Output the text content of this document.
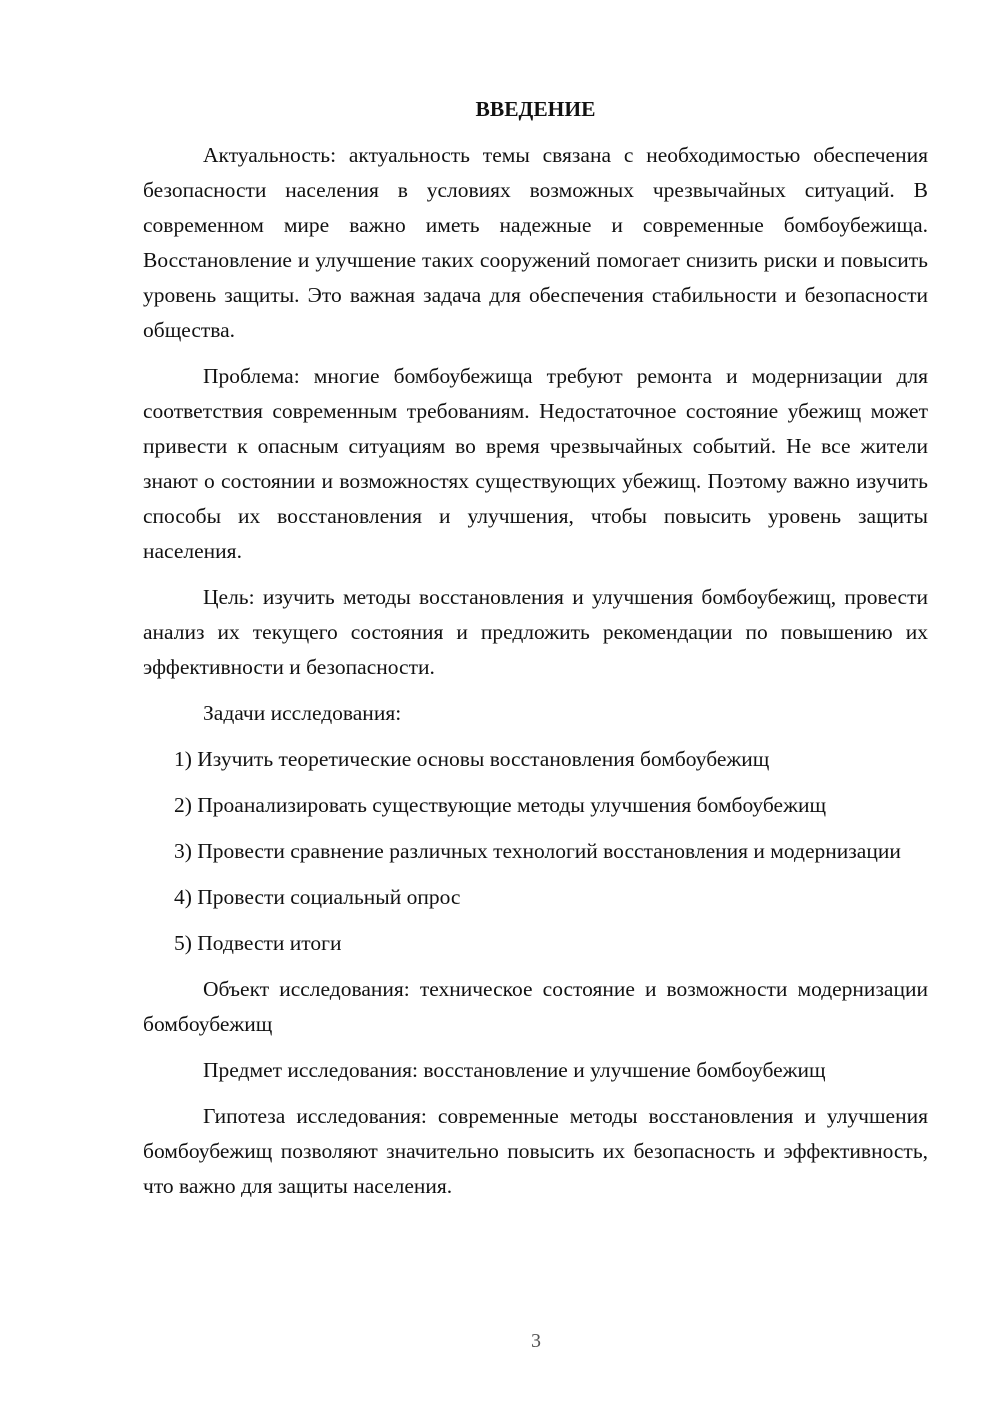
ВВЕДЕНИЕ
Актуальность: актуальность темы связана с необходимостью обеспечения безопасности населения в условиях возможных чрезвычайных ситуаций. В современном мире важно иметь надежные и современные бомбоубежища. Восстановление и улучшение таких сооружений помогает снизить риски и повысить уровень защиты. Это важная задача для обеспечения стабильности и безопасности общества.
Проблема: многие бомбоубежища требуют ремонта и модернизации для соответствия современным требованиям. Недостаточное состояние убежищ может привести к опасным ситуациям во время чрезвычайных событий. Не все жители знают о состоянии и возможностях существующих убежищ. Поэтому важно изучить способы их восстановления и улучшения, чтобы повысить уровень защиты населения.
Цель: изучить методы восстановления и улучшения бомбоубежищ, провести анализ их текущего состояния и предложить рекомендации по повышению их эффективности и безопасности.
Задачи исследования:
1) Изучить теоретические основы восстановления бомбоубежищ
2) Проанализировать существующие методы улучшения бомбоубежищ
3) Провести сравнение различных технологий восстановления и модернизации
4) Провести социальный опрос
5) Подвести итоги
Объект исследования: техническое состояние и возможности модернизации бомбоубежищ
Предмет исследования: восстановление и улучшение бомбоубежищ
Гипотеза исследования: современные методы восстановления и улучшения бомбоубежищ позволяют значительно повысить их безопасность и эффективность, что важно для защиты населения.
3
